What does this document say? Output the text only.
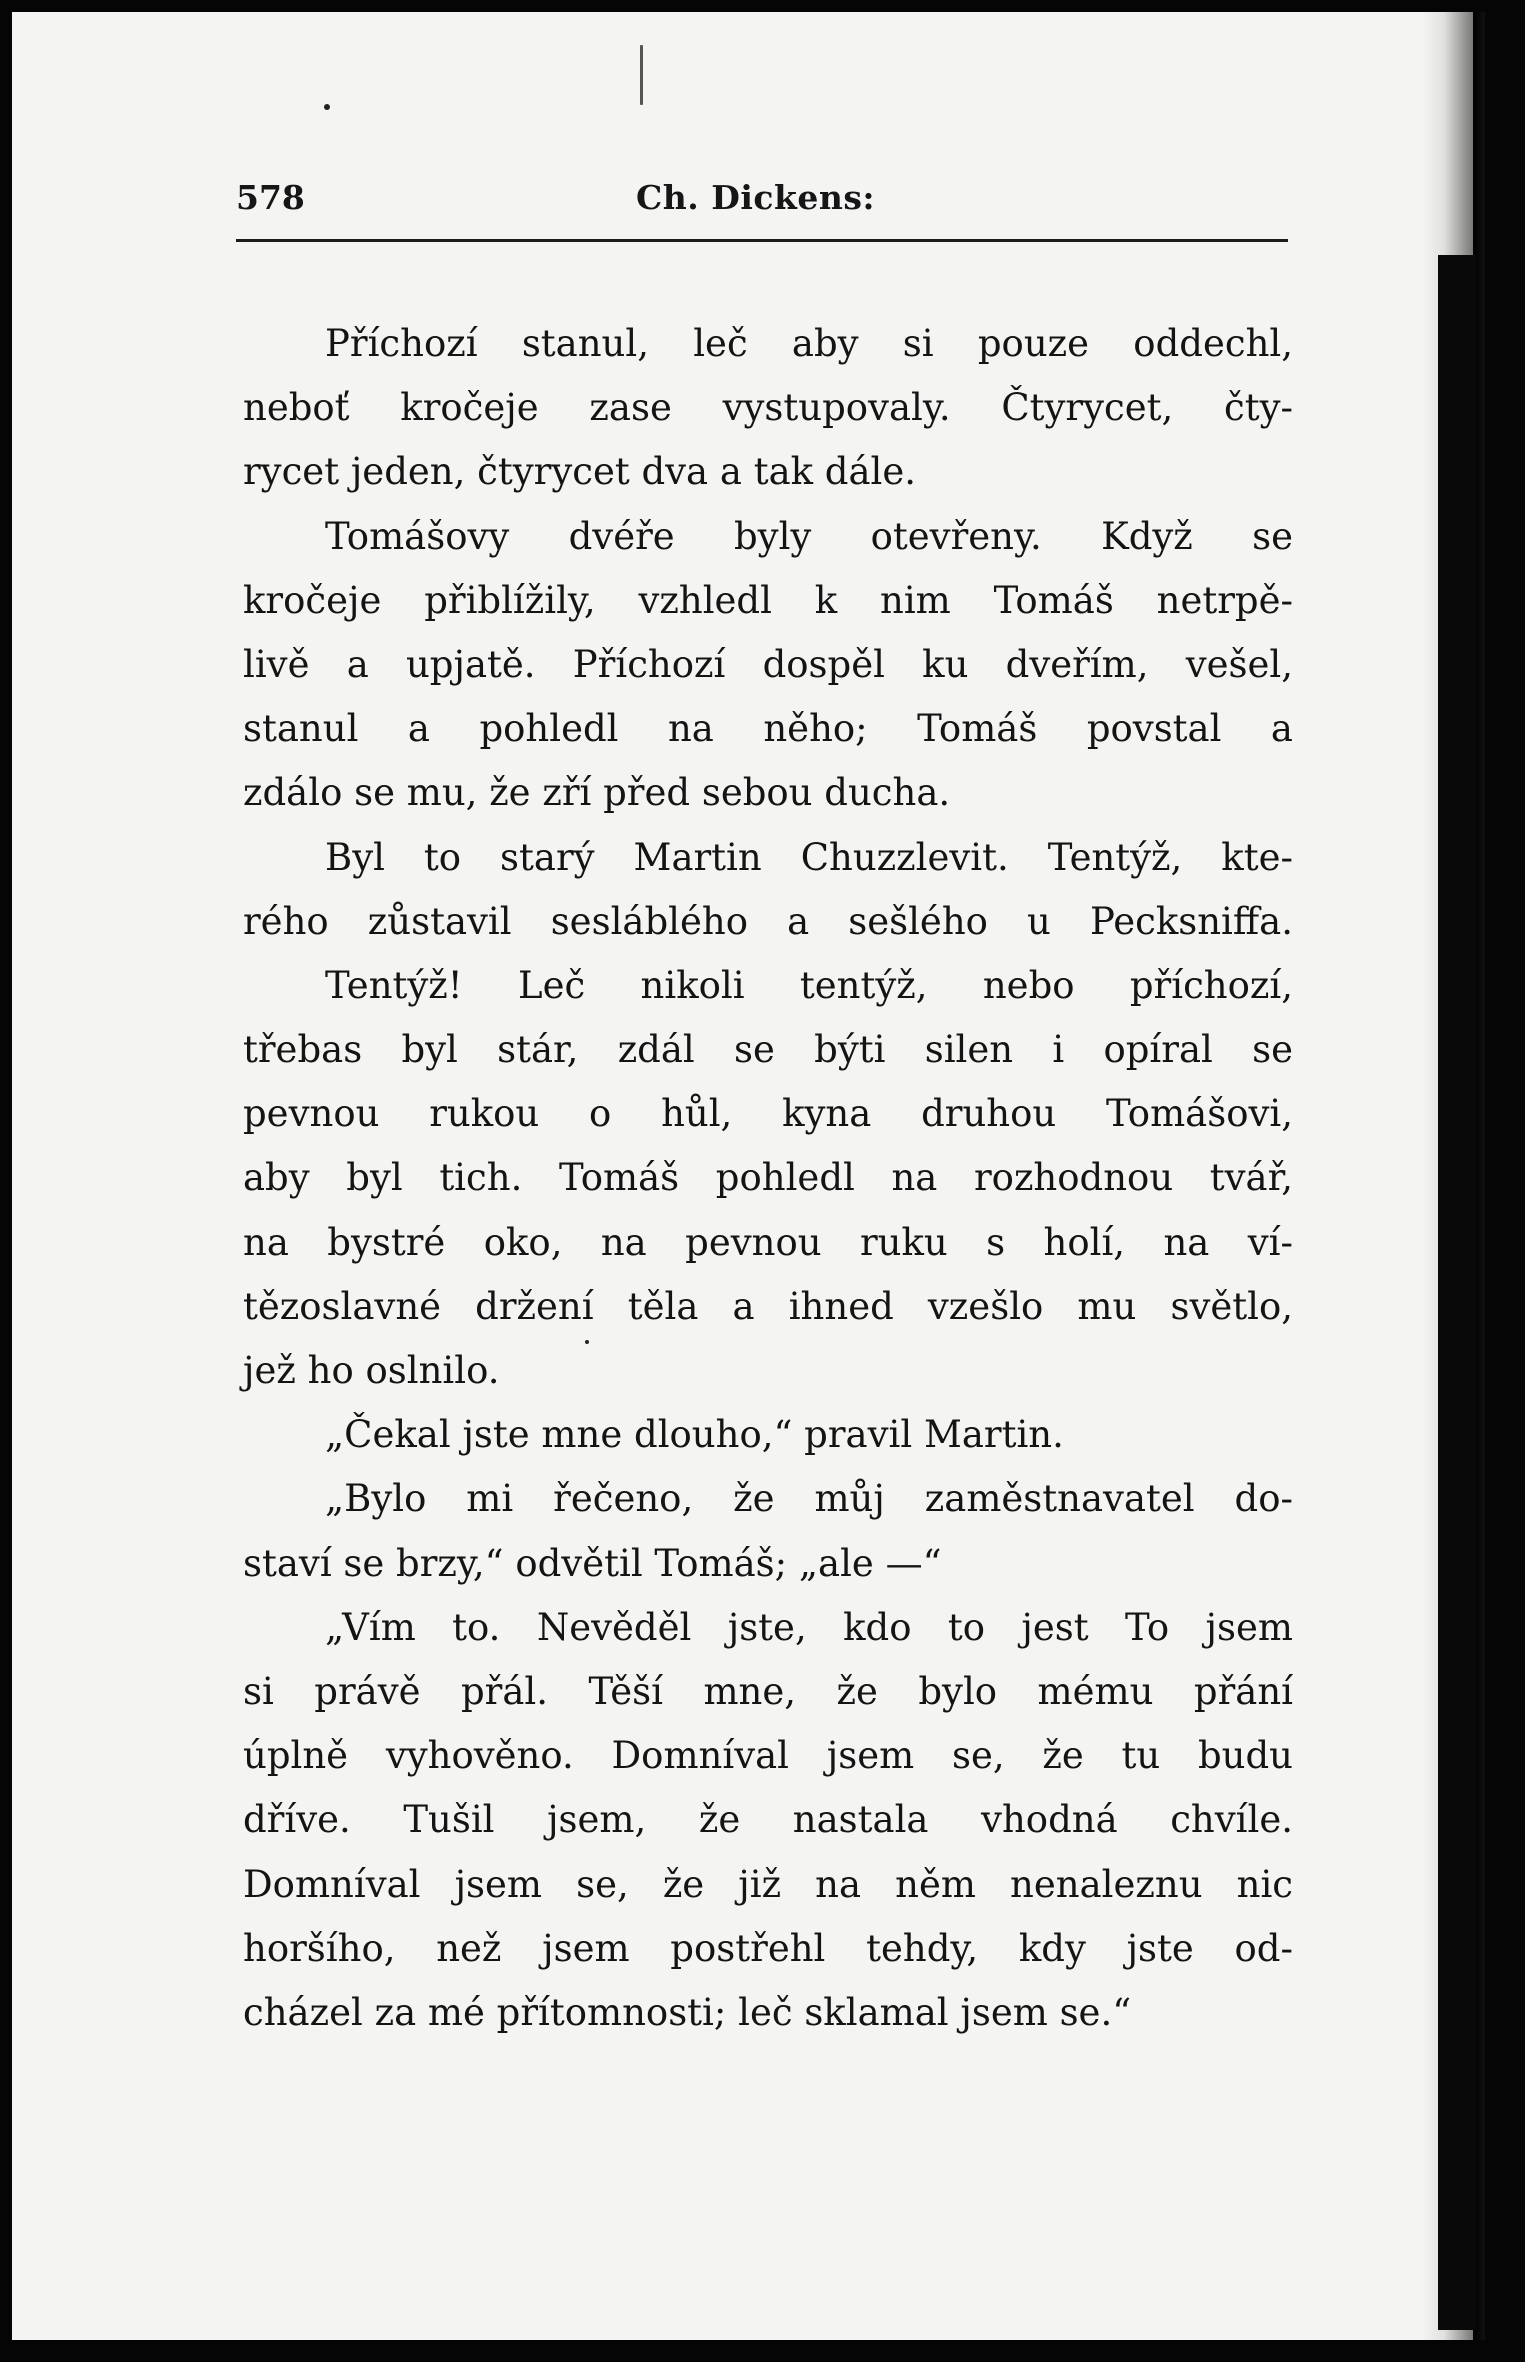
578	Ch. Dickens:
Příchozí stanul, leč aby si pouze oddechl,
neboť kročeje zase vystupovaly. Čtyrycet, čty-
rycet jeden, čtyrycet dva a tak dále.
Tomášovy dvéře byly otevřeny. Když se
kročeje přiblížily, vzhledl k nim Tomáš netrpě-
livě a upjatě. Příchozí dospěl ku dveřím, vešel,
stanul a pohledl na něho; Tomáš povstal a
zdálo se mu, že zří před sebou ducha.
Byl to starý Martin Chuzzlevit. Tentýž, kte-
rého zůstavil seslábléhо a sešlého u Pecksniffa.
Tentýž! Leč nikoli tentýž, nebo příchozí,
třebas byl stár, zdál se býti silen i opíral se
pevnou rukou o hůl, kyna druhou Tomášovi,
aby byl tich. Tomáš pohledl na rozhodnou tvář,
na bystré oko, na pevnou ruku s holí, na ví-
tězoslavné držení těla a ihned vzešlo mu světlo,
jež ho oslnilo.
„Čekal jste mne dlouho,“ pravil Martin.
„Bylo mi řečeno, že můj zaměstnavatel do-
staví se brzy,“ odvětil Tomáš; „ale —“
„Vím to. Nevěděl jste, kdo to jest To jsem
si právě přál. Těší mne, že bylo mému přání
úplně vyhověno. Domníval jsem se, že tu budu
dříve. Tušil jsem, že nastala vhodná chvíle.
Domníval jsem se, že již na něm nenaleznu nic
horšího, než jsem postřehl tehdy, kdy jste od-
cházel za mé přítomnosti; leč sklamal jsem se.“
